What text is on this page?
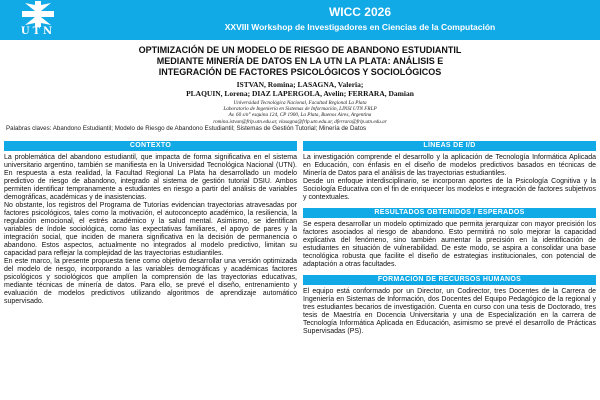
UTN
WICC 2026
XXVIII Workshop de Investigadores en Ciencias de la Computación
OPTIMIZACIÓN DE UN MODELO DE RIESGO DE ABANDONO ESTUDIANTIL
MEDIANTE MINERÍA DE DATOS EN LA UTN LA PLATA: ANÁLISIS E
INTEGRACIÓN DE FACTORES PSICOLÓGICOS Y SOCIOLÓGICOS
ISTVAN, Romina; LASAGNA, Valeria;
PLAQUIN, Lorena; DIAZ LAPERGOLA, Avelin; FERRARA, Damian
Universidad Tecnológica Nacional, Facultad Regional La Plata
Laboratorio de Ingeniería en Sistemas de Información, LINSI UTN FRLP
Av. 60 s/n° esquina 124, CP 1900, La Plata, Buenos Aires, Argentina
romina.istvan@frlp.utn.edu.ar, vlasagna@frlp.utn.edu.ar, dferrara@frlp.utn.edu.ar
Palabras claves: Abandono Estudiantil; Modelo de Riesgo de Abandono Estudiantil; Sistemas de Gestión Tutorial; Minería de Datos
CONTEXTO

La problemática del abandono estudiantil, que impacta de forma significativa en el sistema universitario argentino, también se manifiesta en la Universidad Tecnológica Nacional (UTN). En respuesta a esta realidad, la Facultad Regional La Plata ha desarrollado un modelo predictivo de riesgo de abandono, integrado al sistema de gestión tutorial DSIU. Ambos permiten identificar tempranamente a estudiantes en riesgo a partir del análisis de variables demográficas, académicas y de inasistencias.

No obstante, los registros del Programa de Tutorías evidencian trayectorias atravesadas por factores psicológicos, tales como la motivación, el autoconcepto académico, la resiliencia, la regulación emocional, el estrés académico y la salud mental. Asimismo, se identifican variables de índole sociológica, como las expectativas familiares, el apoyo de pares y la integración social, que inciden de manera significativa en la decisión de permanencia o abandono. Estos aspectos, actualmente no integrados al modelo predictivo, limitan su capacidad para reflejar la complejidad de las trayectorias estudiantiles.

En este marco, la presente propuesta tiene como objetivo desarrollar una versión optimizada del modelo de riesgo, incorporando a las variables demográficas y académicas factores psicológicos y sociológicos que amplíen la comprensión de las trayectorias educativas, mediante técnicas de minería de datos. Para ello, se prevé el diseño, entrenamiento y evaluación de modelos predictivos utilizando algoritmos de aprendizaje automático supervisado.

LÍNEAS DE I/D

La investigación comprende el desarrollo y la aplicación de Tecnología Informática Aplicada en Educación, con énfasis en el diseño de modelos predictivos basados en técnicas de Minería de Datos para el análisis de las trayectorias estudiantiles.

Desde un enfoque interdisciplinario, se incorporan aportes de la Psicología Cognitiva y la Sociología Educativa con el fin de enriquecer los modelos e integración de factores subjetivos y contextuales.

RESULTADOS OBTENIDOS / ESPERADOS

Se espera desarrollar un modelo optimizado que permita jerarquizar con mayor precisión los factores asociados al riesgo de abandono. Esto permitirá no solo mejorar la capacidad explicativa del fenómeno, sino también aumentar la precisión en la identificación de estudiantes en situación de vulnerabilidad. De este modo, se aspira a consolidar una base tecnológica robusta que facilite el diseño de estrategias institucionales, con potencial de adaptación a otras facultades.

FORMACIÓN DE RECURSOS HUMANOS

El equipo está conformado por un Director, un Codirector, tres Docentes de la Carrera de Ingeniería en Sistemas de Información, dos Docentes del Equipo Pedagógico de la regional y tres estudiantes becarios de investigación. Cuenta en curso con una tesis de Doctorado, tres tesis de Maestría en Docencia Universitaria y una de Especialización en la carrera de Tecnología Informática Aplicada en Educación, asimismo se prevé el desarrollo de Prácticas Supervisadas (PS).
